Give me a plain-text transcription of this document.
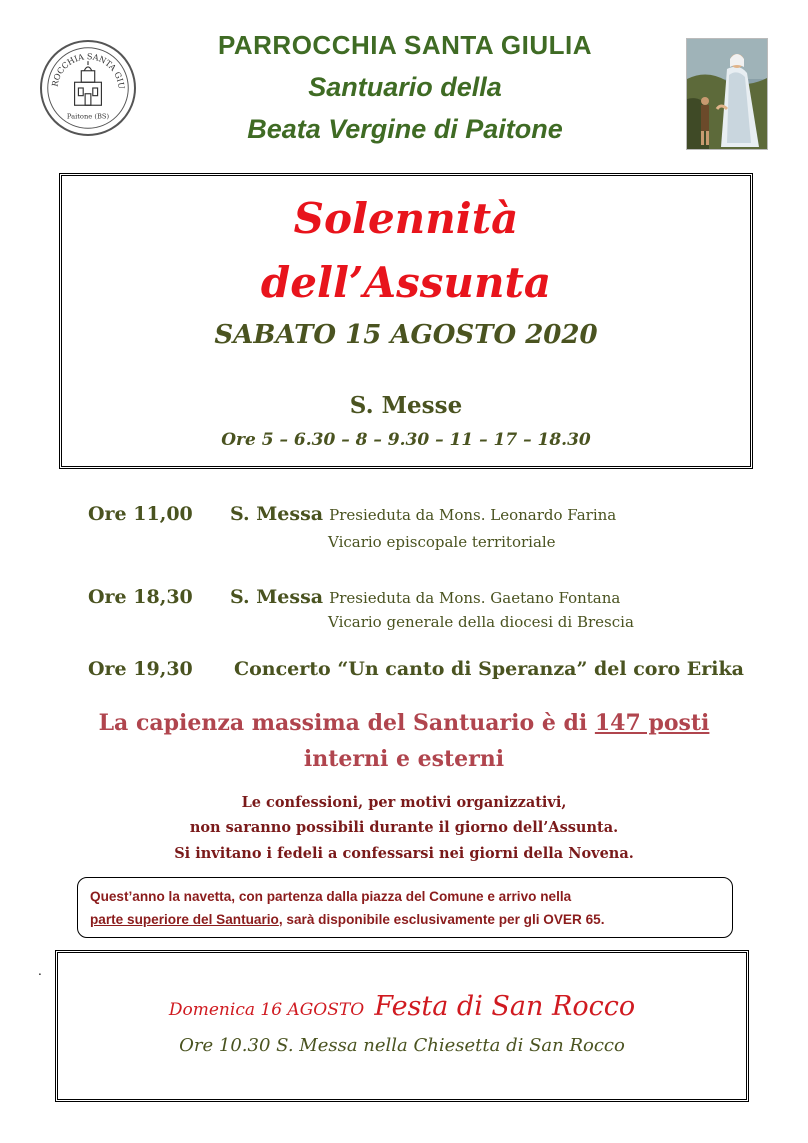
ROCCHIA SANTA GIU
Paitone (BS)
PARROCCHIA SANTA GIULIA
Santuario della
Beata Vergine di Paitone
Solennità
dell’Assunta
SABATO 15 AGOSTO 2020
S. Messe
Ore 5 – 6.30 – 8 – 9.30 – 11 – 17 – 18.30
Ore 11,00 S. Messa Presieduta da Mons. Leonardo Farina
Vicario episcopale territoriale
Ore 18,30 S. Messa Presieduta da Mons. Gaetano Fontana
Vicario generale della diocesi di Brescia
Ore 19,30 Concerto “Un canto di Speranza” del coro Erika
La capienza massima del Santuario è di 147 posti
interni e esterni
Le confessioni, per motivi organizzativi,
non saranno possibili durante il giorno dell’Assunta.
Si invitano i fedeli a confessarsi nei giorni della Novena.
Quest’anno la navetta, con partenza dalla piazza del Comune e arrivo nella
parte superiore del Santuario, sarà disponibile esclusivamente per gli OVER 65.
.
Domenica 16 AGOSTO Festa di San Rocco
Ore 10.30 S. Messa nella Chiesetta di San Rocco
